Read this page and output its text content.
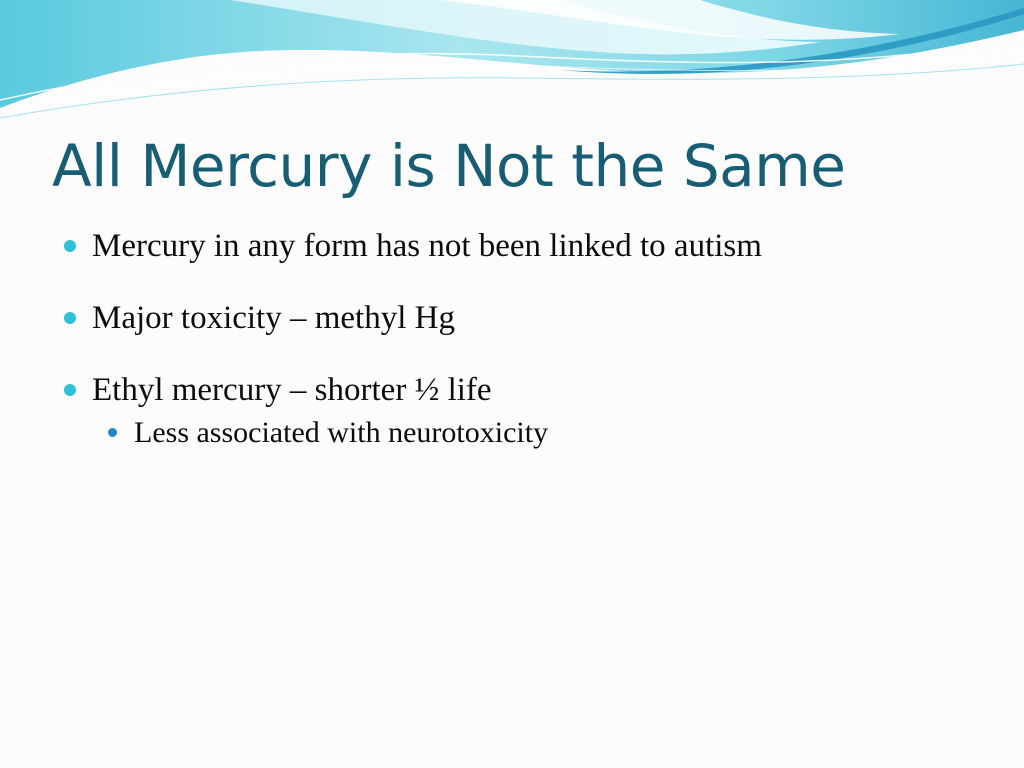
All Mercury is Not the Same
Mercury in any form has not been linked to autism
Major toxicity – methyl Hg
Ethyl mercury – shorter ½ life
Less associated with neurotoxicity
